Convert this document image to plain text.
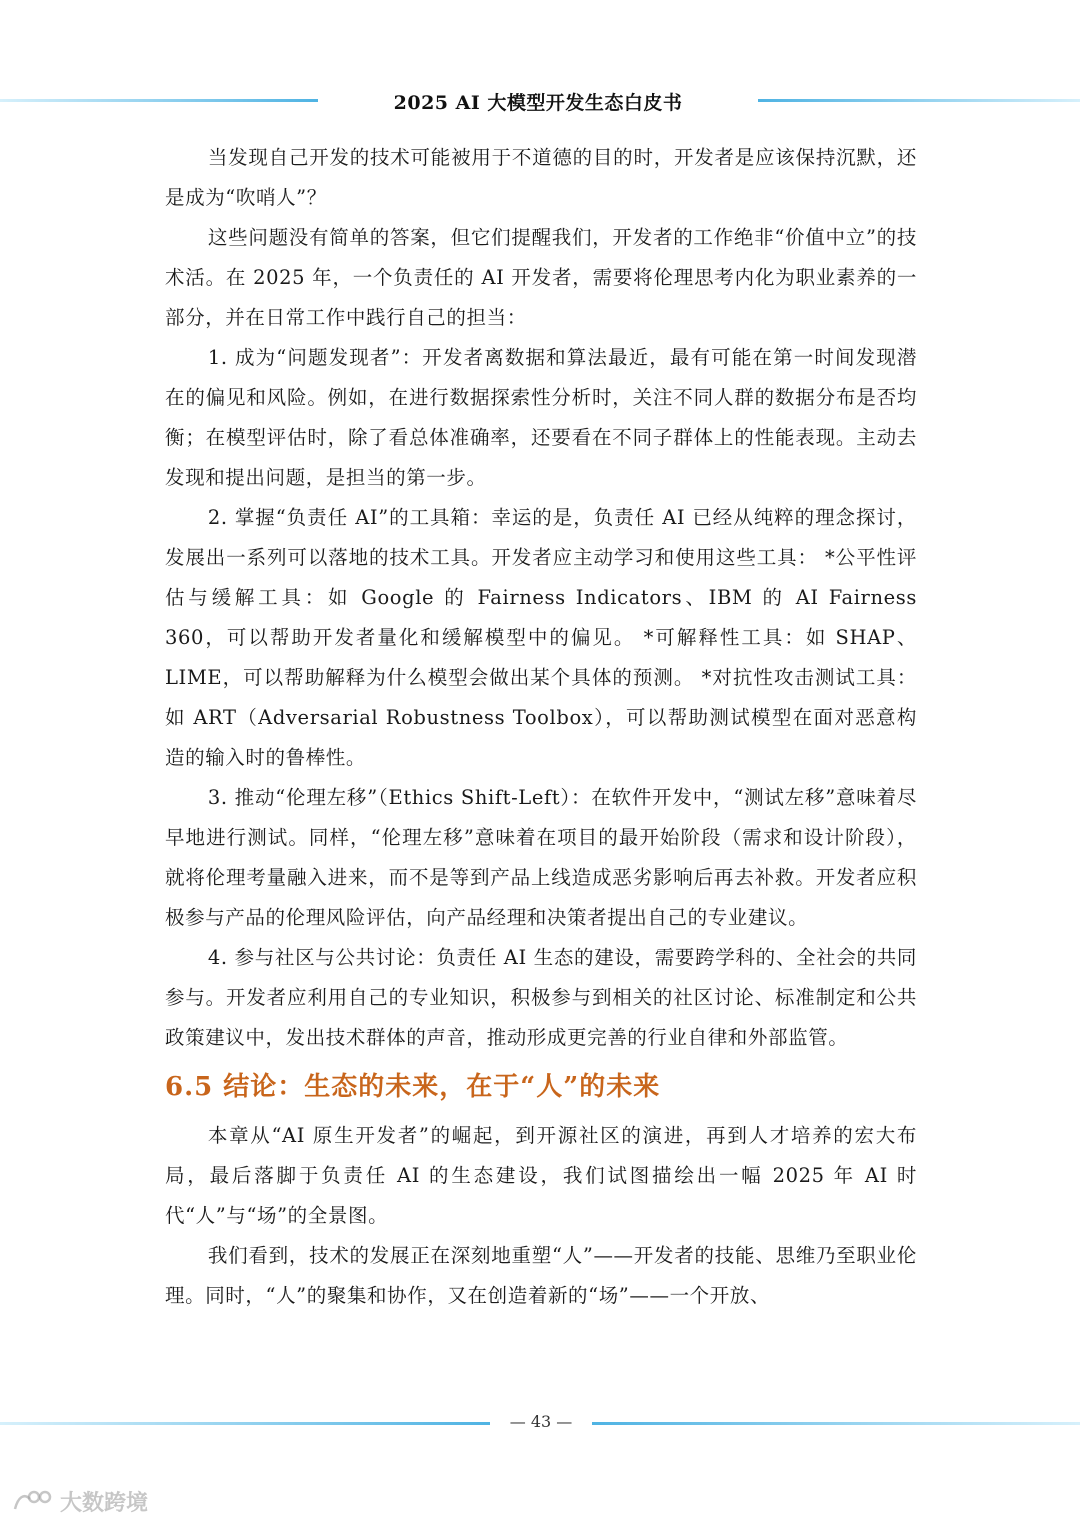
2025 AI 大模型开发生态白皮书

当发现自己开发的技术可能被用于不道德的目的时，开发者是应该保持沉默，还是成为“吹哨人”？

这些问题没有简单的答案，但它们提醒我们，开发者的工作绝非“价值中立”的技术活。在 2025 年，一个负责任的 AI 开发者，需要将伦理思考内化为职业素养的一部分，并在日常工作中践行自己的担当：

1. 成为“问题发现者”：开发者离数据和算法最近，最有可能在第一时间发现潜在的偏见和风险。例如，在进行数据探索性分析时，关注不同人群的数据分布是否均衡；在模型评估时，除了看总体准确率，还要看在不同子群体上的性能表现。主动去发现和提出问题，是担当的第一步。

2. 掌握“负责任 AI”的工具箱：幸运的是，负责任 AI 已经从纯粹的理念探讨，发展出一系列可以落地的技术工具。开发者应主动学习和使用这些工具： *公平性评估与缓解工具：如 Google 的 Fairness Indicators、IBM 的 AI Fairness 360，可以帮助开发者量化和缓解模型中的偏见。 *可解释性工具：如 SHAP、LIME，可以帮助解释为什么模型会做出某个具体的预测。 *对抗性攻击测试工具：如 ART（Adversarial Robustness Toolbox），可以帮助测试模型在面对恶意构造的输入时的鲁棒性。

3. 推动“伦理左移”（Ethics Shift-Left）：在软件开发中，“测试左移”意味着尽早地进行测试。同样，“伦理左移”意味着在项目的最开始阶段（需求和设计阶段），就将伦理考量融入进来，而不是等到产品上线造成恶劣影响后再去补救。开发者应积极参与产品的伦理风险评估，向产品经理和决策者提出自己的专业建议。

4. 参与社区与公共讨论：负责任 AI 生态的建设，需要跨学科的、全社会的共同参与。开发者应利用自己的专业知识，积极参与到相关的社区讨论、标准制定和公共政策建议中，发出技术群体的声音，推动形成更完善的行业自律和外部监管。

6.5 结论：生态的未来，在于“人”的未来

本章从“AI 原生开发者”的崛起，到开源社区的演进，再到人才培养的宏大布局，最后落脚于负责任 AI 的生态建设，我们试图描绘出一幅 2025 年 AI 时代“人”与“场”的全景图。

我们看到，技术的发展正在深刻地重塑“人”——开发者的技能、思维乃至职业伦理。同时，“人”的聚集和协作，又在创造着新的“场”——一个开放、

— 43 —
大数跨境
